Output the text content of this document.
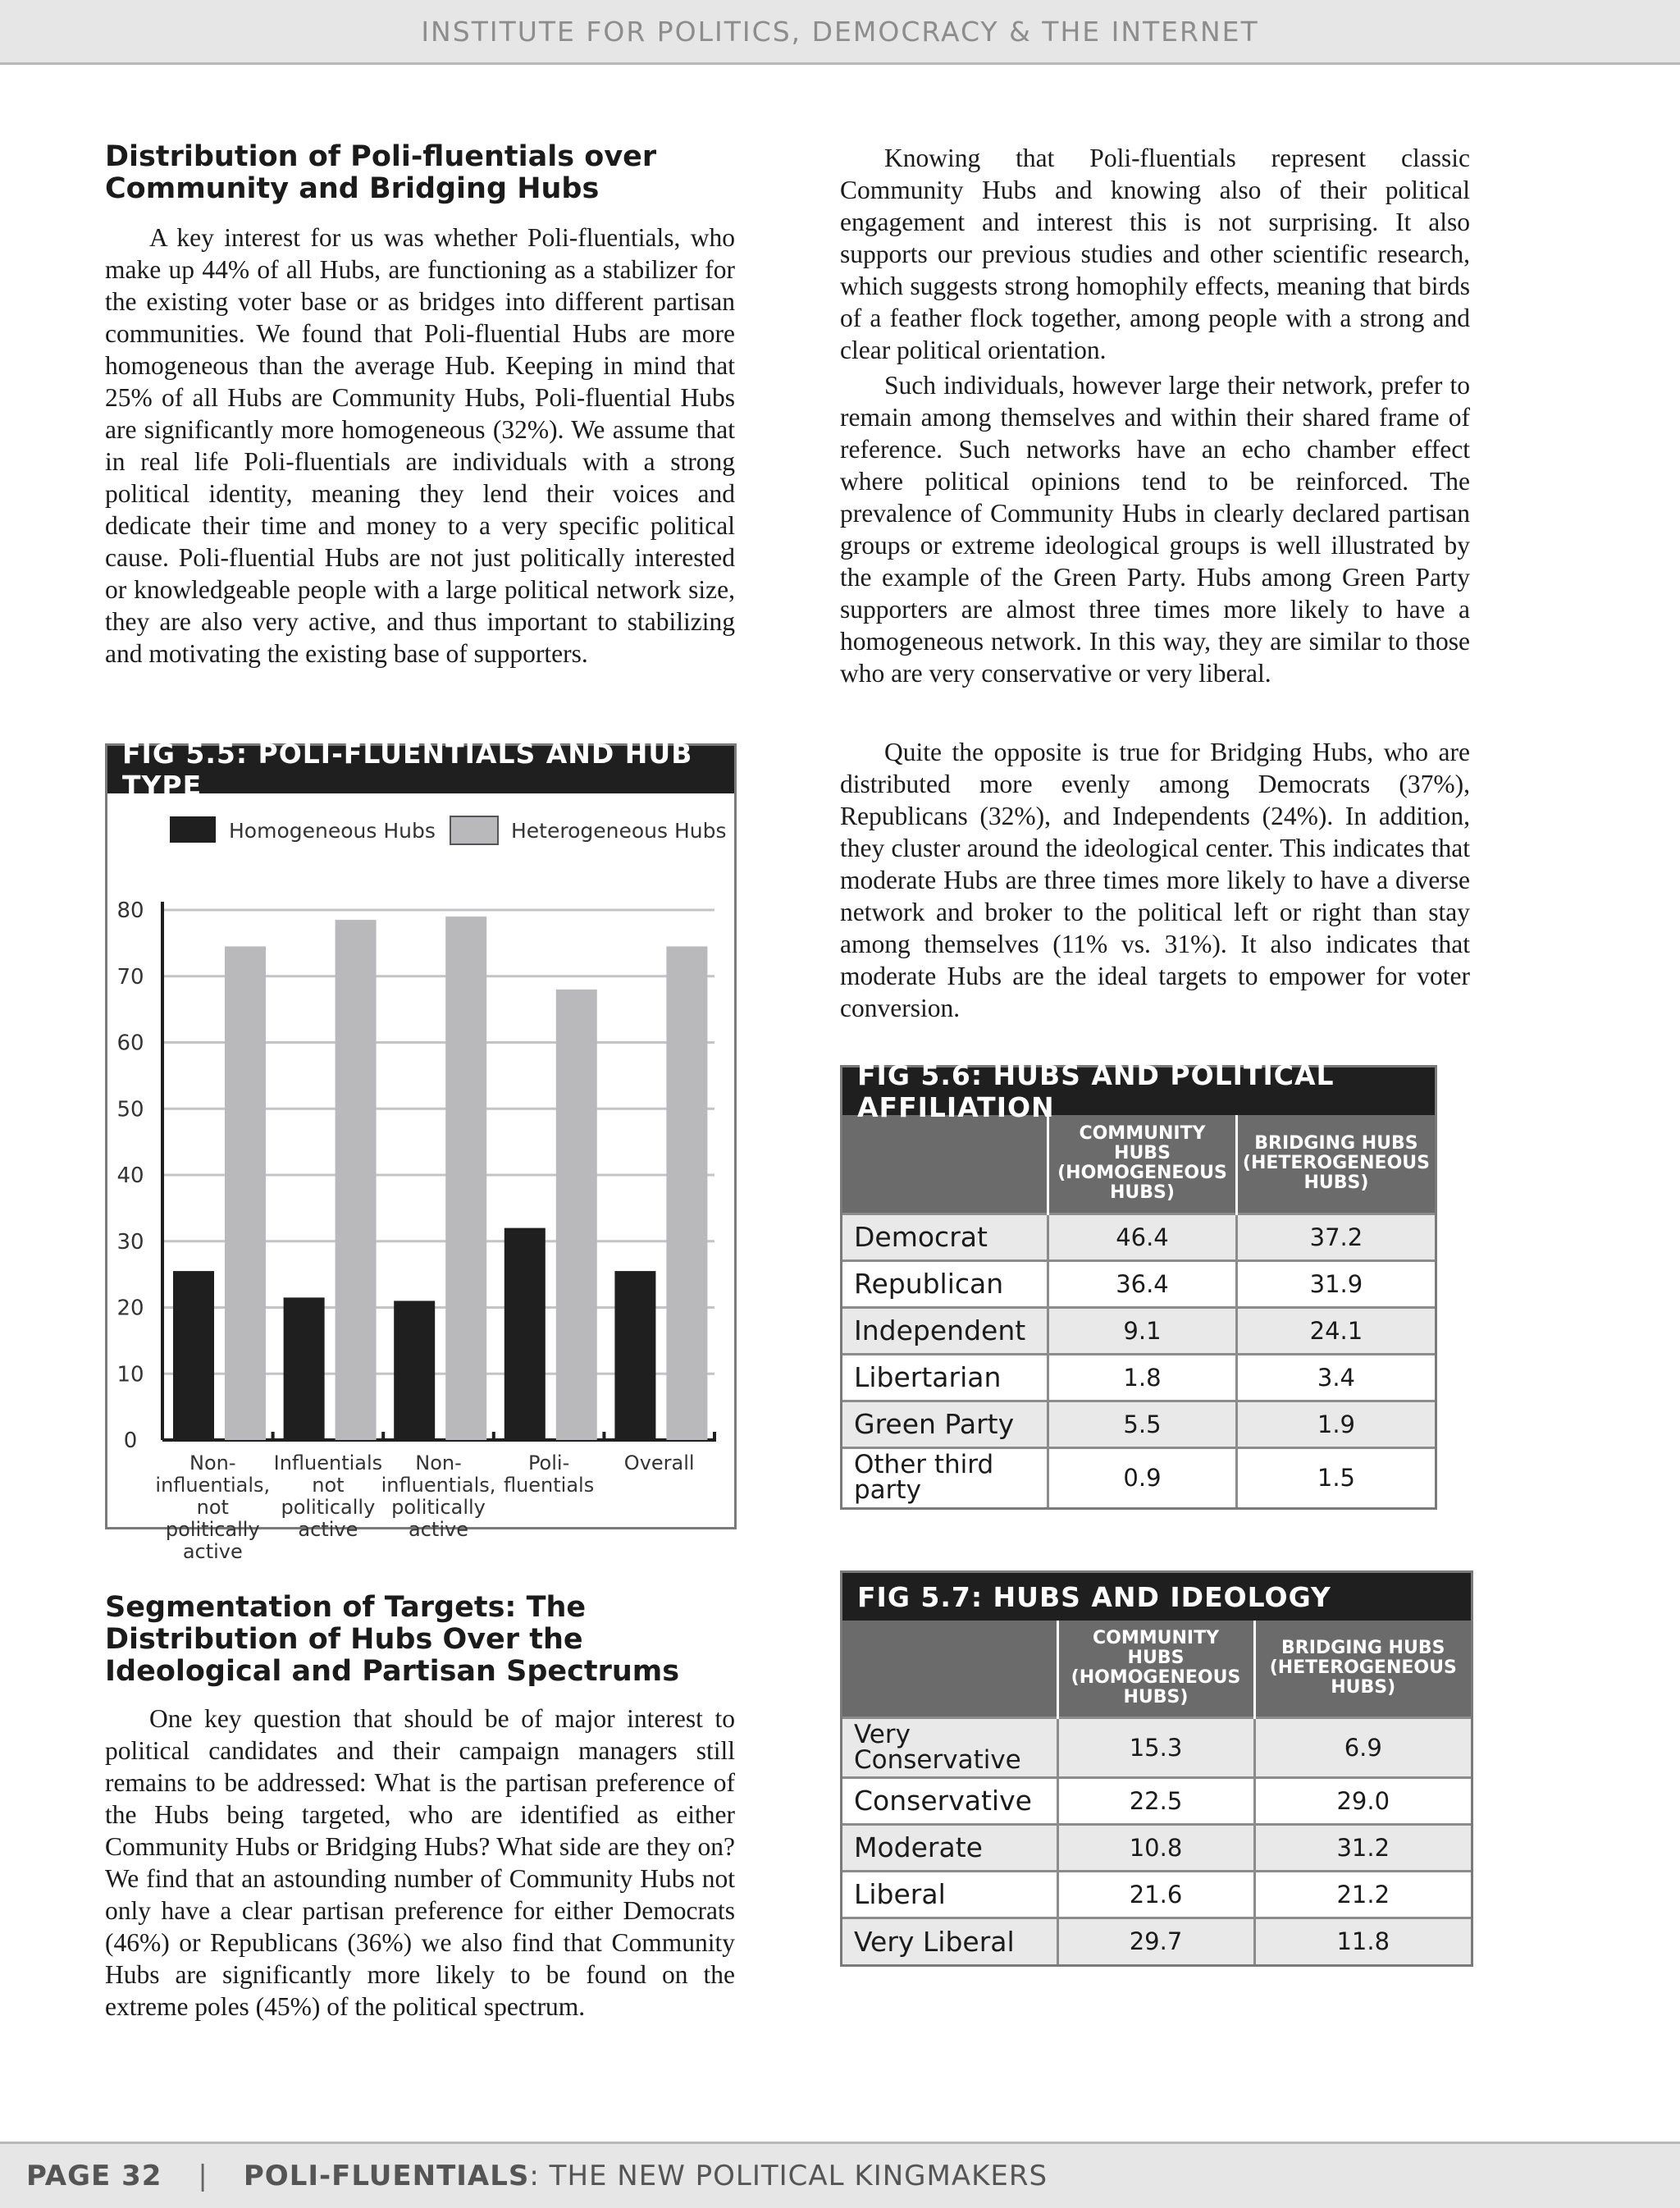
INSTITUTE FOR POLITICS, DEMOCRACY & THE INTERNET
Distribution of Poli-fluentials over Community and Bridging Hubs

A key interest for us was whether Poli-fluentials, who make up 44% of all Hubs, are functioning as a stabilizer for the existing voter base or as bridges into different partisan communities. We found that Poli-fluential Hubs are more homogeneous than the average Hub. Keeping in mind that 25% of all Hubs are Community Hubs, Poli-fluential Hubs are significantly more homogeneous (32%). We assume that in real life Poli-fluentials are individuals with a strong political identity, meaning they lend their voices and dedicate their time and money to a very specific political cause. Poli-fluential Hubs are not just politically interested or knowledgeable people with a large political network size, they are also very active, and thus important to stabilizing and motivating the existing base of supporters.

FIG 5.5: POLI-FLUENTIALS AND HUB TYPE
0
10
20
30
40
50
60
70
80
Non-
influentials,
not
politically
active
Influentials
not
politically
active
Non-
influentials,
politically
active
Poli-
fluentials
Overall
Homogeneous Hubs	Heterogeneous Hubs
Segmentation of Targets: The Distribution of Hubs Over the Ideological and Partisan Spectrums

One key question that should be of major interest to political candidates and their campaign managers still remains to be addressed: What is the partisan preference of the Hubs being targeted, who are identified as either Community Hubs or Bridging Hubs? What side are they on? We find that an astounding number of Community Hubs not only have a clear partisan preference for either Democrats (46%) or Republicans (36%) we also find that Community Hubs are significantly more likely to be found on the extreme poles (45%) of the political spectrum.

Knowing that Poli-fluentials represent classic Community Hubs and knowing also of their political engagement and interest this is not surprising. It also supports our previous studies and other scientific research, which suggests strong homophily effects, meaning that birds of a feather flock together, among people with a strong and clear political orientation.

Such individuals, however large their network, prefer to remain among themselves and within their shared frame of reference. Such networks have an echo chamber effect where political opinions tend to be reinforced. The prevalence of Community Hubs in clearly declared partisan groups or extreme ideological groups is well illustrated by the example of the Green Party. Hubs among Green Party supporters are almost three times more likely to have a homogeneous network. In this way, they are similar to those who are very conservative or very liberal.

Quite the opposite is true for Bridging Hubs, who are distributed more evenly among Democrats (37%), Republicans (32%), and Independents (24%). In addition, they cluster around the ideological center. This indicates that moderate Hubs are three times more likely to have a diverse network and broker to the political left or right than stay among themselves (11% vs. 31%). It also indicates that moderate Hubs are the ideal targets to empower for voter conversion.

FIG 5.6: HUBS AND POLITICAL AFFILIATION
	COMMUNITY HUBS (HOMOGENEOUS HUBS)	BRIDGING HUBS (HETEROGENEOUS HUBS)
Democrat	46.4	37.2
Republican	36.4	31.9
Independent	9.1	24.1
Libertarian	1.8	3.4
Green Party	5.5	1.9
Other third party	0.9	1.5
FIG 5.7: HUBS AND IDEOLOGY
	COMMUNITY HUBS (HOMOGENEOUS HUBS)	BRIDGING HUBS (HETEROGENEOUS HUBS)
Very Conservative	15.3	6.9
Conservative	22.5	29.0
Moderate	10.8	31.2
Liberal	21.6	21.2
Very Liberal	29.7	11.8
PAGE 32 | POLI-FLUENTIALS : THE NEW POLITICAL KINGMAKERS
